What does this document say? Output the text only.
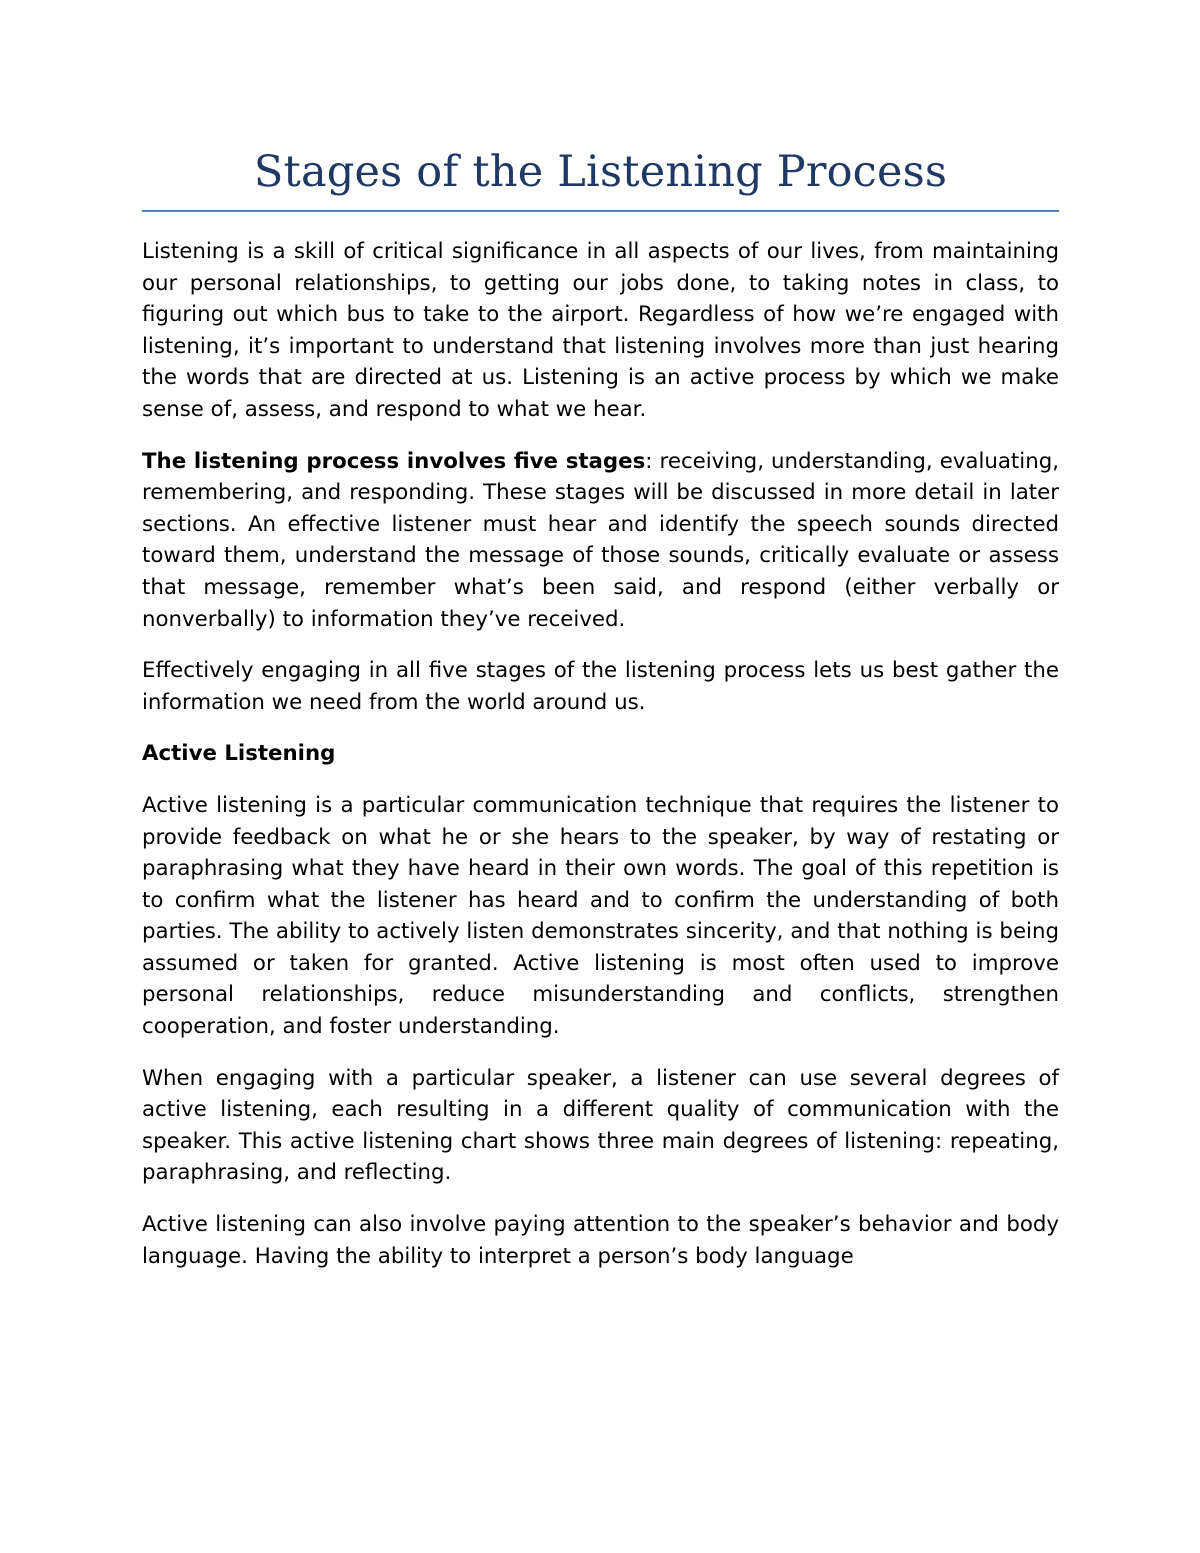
Stages of the Listening Process

Listening is a skill of critical significance in all aspects of our lives, from maintaining our personal relationships, to getting our jobs done, to taking notes in class, to figuring out which bus to take to the airport. Regardless of how we’re engaged with listening, it’s important to understand that listening involves more than just hearing the words that are directed at us. Listening is an active process by which we make sense of, assess, and respond to what we hear.

The listening process involves five stages: receiving, understanding, evaluating, remembering, and responding. These stages will be discussed in more detail in later sections. An effective listener must hear and identify the speech sounds directed toward them, understand the message of those sounds, critically evaluate or assess that message, remember what’s been said, and respond (either verbally or nonverbally) to information they’ve received.

Effectively engaging in all five stages of the listening process lets us best gather the information we need from the world around us.

Active Listening

Active listening is a particular communication technique that requires the listener to provide feedback on what he or she hears to the speaker, by way of restating or paraphrasing what they have heard in their own words. The goal of this repetition is to confirm what the listener has heard and to confirm the understanding of both parties. The ability to actively listen demonstrates sincerity, and that nothing is being assumed or taken for granted. Active listening is most often used to improve personal relationships, reduce misunderstanding and conflicts, strengthen cooperation, and foster understanding.

When engaging with a particular speaker, a listener can use several degrees of active listening, each resulting in a different quality of communication with the speaker. This active listening chart shows three main degrees of listening: repeating, paraphrasing, and reflecting.

Active listening can also involve paying attention to the speaker’s behavior and body language. Having the ability to interpret a person’s body language
